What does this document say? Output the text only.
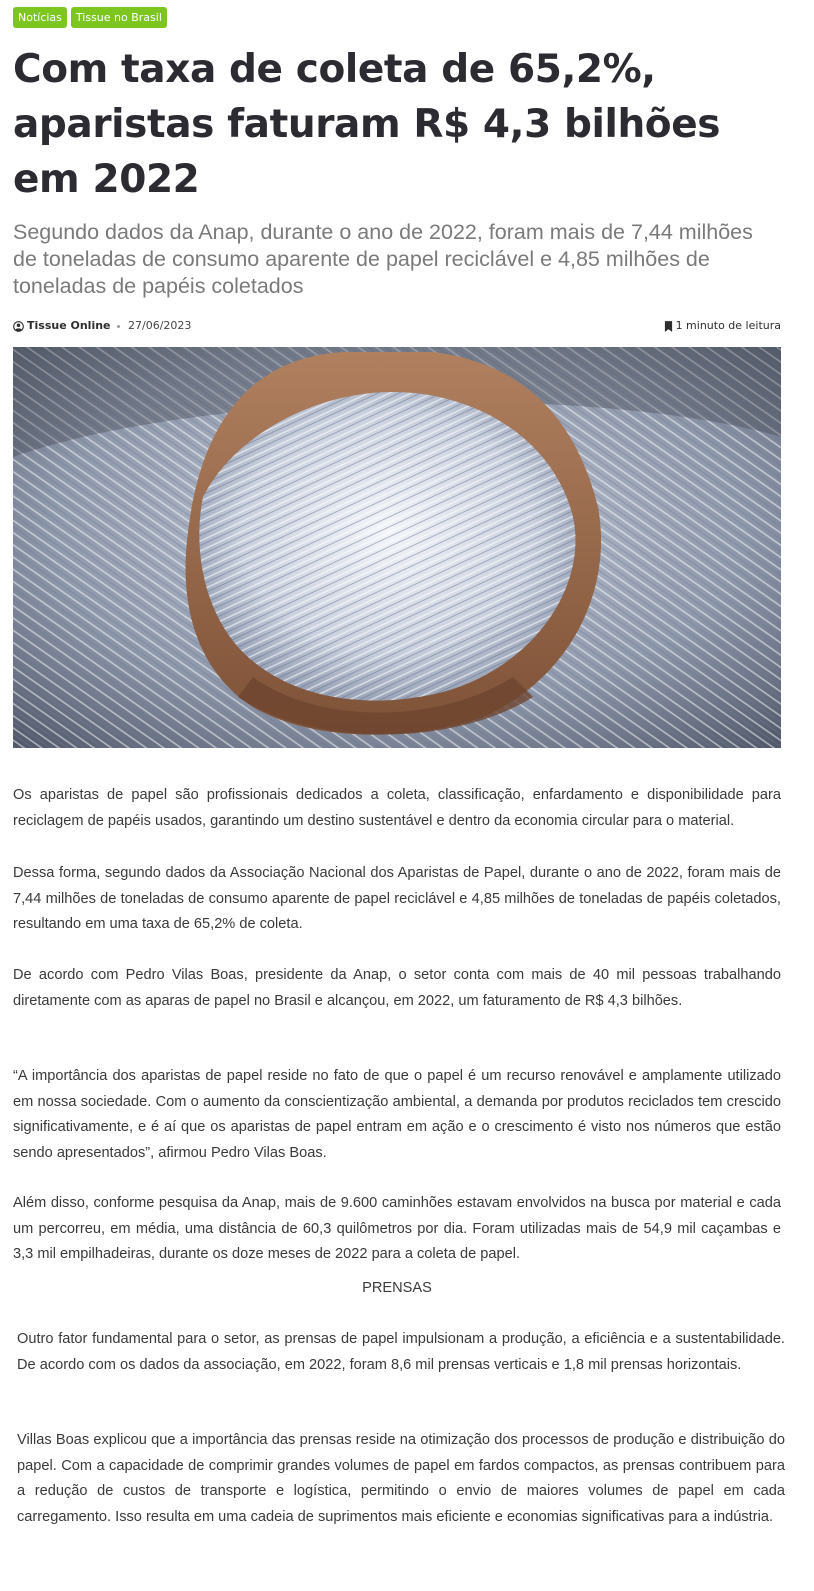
Notícias	Tissue no Brasil
Com taxa de coleta de 65,2%, aparistas faturam R$ 4,3 bilhões em 2022

Segundo dados da Anap, durante o ano de 2022, foram mais de 7,44 milhões de toneladas de consumo aparente de papel reciclável e 4,85 milhões de toneladas de papéis coletados

Tissue Online 27/06/2023	1 minuto de leitura

Os aparistas de papel são profissionais dedicados a coleta, classificação, enfardamento e disponibilidade para reciclagem de papéis usados, garantindo um destino sustentável e dentro da economia circular para o material.

Dessa forma, segundo dados da Associação Nacional dos Aparistas de Papel, durante o ano de 2022, foram mais de 7,44 milhões de toneladas de consumo aparente de papel reciclável e 4,85 milhões de toneladas de papéis coletados, resultando em uma taxa de 65,2% de coleta.

De acordo com Pedro Vilas Boas, presidente da Anap, o setor conta com mais de 40 mil pessoas trabalhando diretamente com as aparas de papel no Brasil e alcançou, em 2022, um faturamento de R$ 4,3 bilhões.

“A importância dos aparistas de papel reside no fato de que o papel é um recurso renovável e amplamente utilizado em nossa sociedade. Com o aumento da conscientização ambiental, a demanda por produtos reciclados tem crescido significativamente, e é aí que os aparistas de papel entram em ação e o crescimento é visto nos números que estão sendo apresentados”, afirmou Pedro Vilas Boas.

Além disso, conforme pesquisa da Anap, mais de 9.600 caminhões estavam envolvidos na busca por material e cada um percorreu, em média, uma distância de 60,3 quilômetros por dia. Foram utilizadas mais de 54,9 mil caçambas e 3,3 mil empilhadeiras, durante os doze meses de 2022 para a coleta de papel.

PRENSAS

Outro fator fundamental para o setor, as prensas de papel impulsionam a produção, a eficiência e a sustentabilidade. De acordo com os dados da associação, em 2022, foram 8,6 mil prensas verticais e 1,8 mil prensas horizontais.

Villas Boas explicou que a importância das prensas reside na otimização dos processos de produção e distribuição do papel. Com a capacidade de comprimir grandes volumes de papel em fardos compactos, as prensas contribuem para a redução de custos de transporte e logística, permitindo o envio de maiores volumes de papel em cada carregamento. Isso resulta em uma cadeia de suprimentos mais eficiente e economias significativas para a indústria.
